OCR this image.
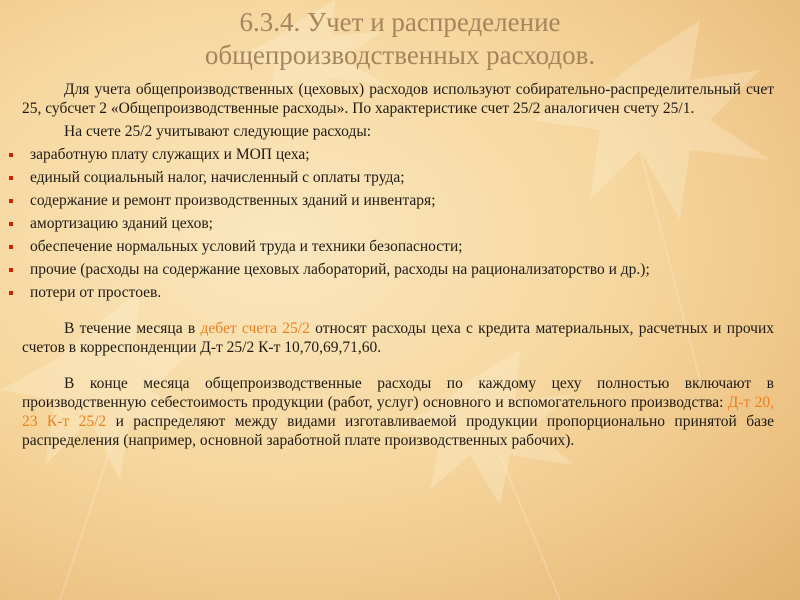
6.3.4. Учет и распределение
общепроизводственных расходов.

Для учета общепроизводственных (цеховых) расходов используют собирательно-распределительный счет 25, субсчет 2 «Общепроизводственные расходы». По характеристике счет 25/2 аналогичен счету 25/1.

На счете 25/2 учитывают следующие расходы:

заработную плату служащих и МОП цеха;
единый социальный налог, начисленный с оплаты труда;
содержание и ремонт производственных зданий и инвентаря;
амортизацию зданий цехов;
обеспечение нормальных условий труда и техники безопасности;
прочие (расходы на содержание цеховых лабораторий, расходы на рационализаторство и др.);
потери от простоев.

В течение месяца в дебет счета 25/2 относят расходы цеха с кредита материальных, расчетных и прочих счетов в корреспонденции Д-т 25/2 К-т 10,70,69,71,60.

В конце месяца общепроизводственные расходы по каждому цеху полностью включают в производственную себестоимость продукции (работ, услуг) основного и вспомогательного производства: Д-т 20, 23 К-т 25/2 и распределяют между видами изготавливаемой продукции пропорционально принятой базе распределения (например, основной заработной плате производственных рабочих).
